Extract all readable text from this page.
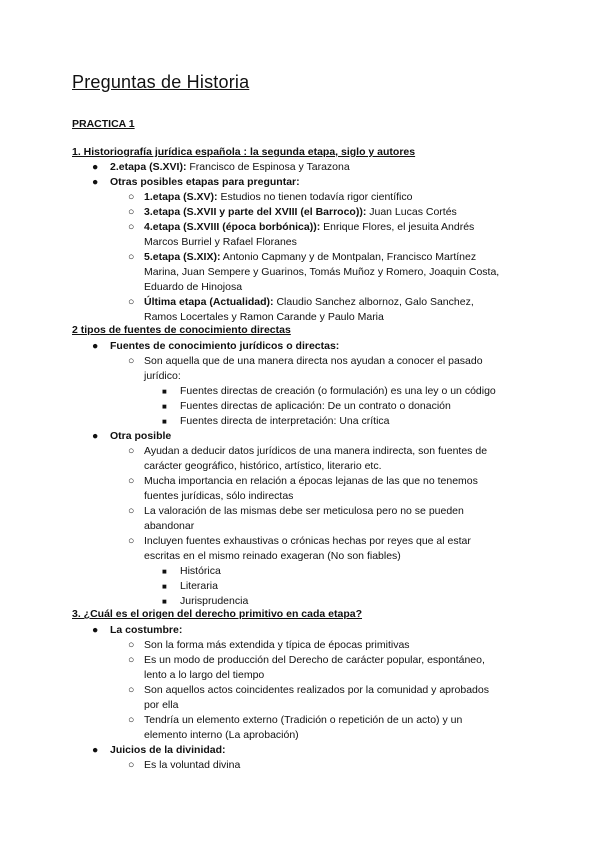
Preguntas de Historia
PRACTICA 1
1. Historiografía jurídica española : la segunda etapa, siglo y autores
● 2.etapa (S.XVI): Francisco de Espinosa y Tarazona
● Otras posibles etapas para preguntar:
○ 1.etapa (S.XV): Estudios no tienen todavía rigor científico
○ 3.etapa (S.XVII y parte del XVIII (el Barroco)): Juan Lucas Cortés
○ 4.etapa (S.XVIII (época borbónica)): Enrique Flores, el jesuita Andrés
Marcos Burriel y Rafael Floranes
○ 5.etapa (S.XIX): Antonio Capmany y de Montpalan, Francisco Martínez
Marina, Juan Sempere y Guarinos, Tomás Muñoz y Romero, Joaquin Costa,
Eduardo de Hinojosa
○ Última etapa (Actualidad): Claudio Sanchez albornoz, Galo Sanchez,
Ramos Locertales y Ramon Carande y Paulo Maria
2 tipos de fuentes de conocimiento directas
● Fuentes de conocimiento jurídicos o directas:
○ Son aquella que de una manera directa nos ayudan a conocer el pasado
jurídico:
■ Fuentes directas de creación (o formulación) es una ley o un código
■ Fuentes directas de aplicación: De un contrato o donación
■ Fuentes directa de interpretación: Una crítica
● Otra posible
○ Ayudan a deducir datos jurídicos de una manera indirecta, son fuentes de
carácter geográfico, histórico, artístico, literario etc.
○ Mucha importancia en relación a épocas lejanas de las que no tenemos
fuentes jurídicas, sólo indirectas
○ La valoración de las mismas debe ser meticulosa pero no se pueden
abandonar
○ Incluyen fuentes exhaustivas o crónicas hechas por reyes que al estar
escritas en el mismo reinado exageran (No son fiables)
■ Histórica
■ Literaria
■ Jurisprudencia
3. ¿Cuál es el origen del derecho primitivo en cada etapa?
● La costumbre:
○ Son la forma más extendida y típica de épocas primitivas
○ Es un modo de producción del Derecho de carácter popular, espontáneo,
lento a lo largo del tiempo
○ Son aquellos actos coincidentes realizados por la comunidad y aprobados
por ella
○ Tendría un elemento externo (Tradición o repetición de un acto) y un
elemento interno (La aprobación)
● Juicios de la divinidad:
○ Es la voluntad divina
